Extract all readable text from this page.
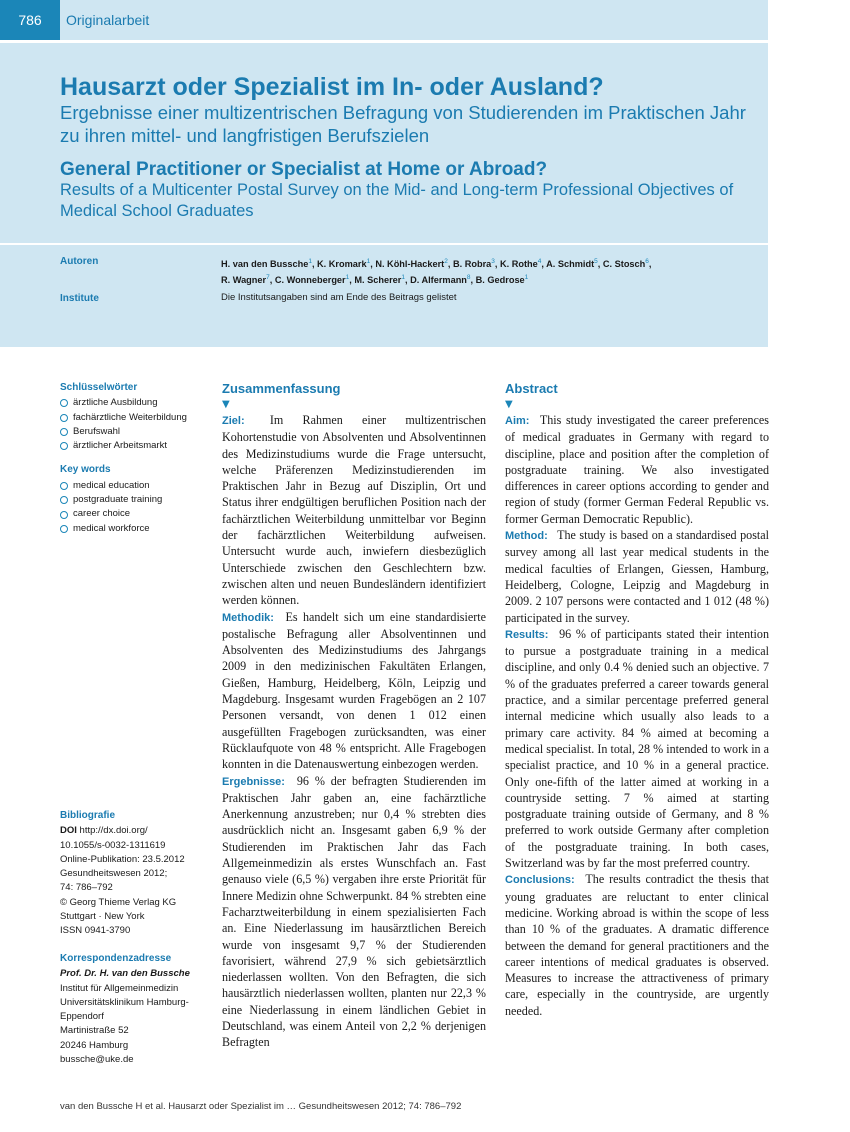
786	Originalarbeit
Hausarzt oder Spezialist im In- oder Ausland?
Ergebnisse einer multizentrischen Befragung von Studierenden im Praktischen Jahr zu ihren mittel- und langfristigen Berufszielen
General Practitioner or Specialist at Home or Abroad?
Results of a Multicenter Postal Survey on the Mid- and Long-term Professional Objectives of Medical School Graduates
Autoren	H. van den Bussche$^1$, K. Kromark$^1$, N. Köhl-Hackert$^2$, B. Robra$^3$, K. Rothe$^4$, A. Schmidt$^5$, C. Stosch$^6$,
R. Wagner$^7$, C. Wonneberger$^1$, M. Scherer$^1$, D. Alfermann$^8$, B. Gedrose$^1$
Institute	Die Institutsangaben sind am Ende des Beitrags gelistet
Schlüsselwörter
ärztliche Ausbildung
fachärztliche Weiterbildung
Berufswahl
ärztlicher Arbeitsmarkt
Key words
medical education
postgraduate training
career choice
medical workforce
Bibliografie
DOI http://dx.doi.org/
10.1055/s-0032-1311619
Online-Publikation: 23.5.2012
Gesundheitswesen 2012;
74: 786–792
© Georg Thieme Verlag KG
Stuttgart · New York
ISSN 0941-3790
Korrespondenzadresse
Prof. Dr. H. van den Bussche
Institut für Allgemeinmedizin
Universitätsklinikum Hamburg-
Eppendorf
Martinistraße 52
20246 Hamburg
bussche@uke.de
Zusammenfassung
▼

Ziel:  Im Rahmen einer multizentrischen Kohortenstudie von Absolventen und Absolventinnen des Medizinstudiums wurde die Frage untersucht, welche Präferenzen Medizinstudierenden im Praktischen Jahr in Bezug auf Disziplin, Ort und Status ihrer endgültigen beruflichen Position nach der fachärztlichen Weiterbildung unmittelbar vor Beginn der fachärztlichen Weiterbildung aufweisen. Untersucht wurde auch, inwiefern diesbezüglich Unterschiede zwischen den Geschlechtern bzw. zwischen alten und neuen Bundesländern identifiziert werden können.

Methodik:  Es handelt sich um eine standardisierte postalische Befragung aller Absolventinnen und Absolventen des Medizinstudiums des Jahrgangs 2009 in den medizinischen Fakultäten Erlangen, Gießen, Hamburg, Heidelberg, Köln, Leipzig und Magdeburg. Insgesamt wurden Fragebögen an 2 107 Personen versandt, von denen 1 012 einen ausgefüllten Fragebogen zurücksandten, was einer Rücklaufquote von 48 % entspricht. Alle Fragebogen konnten in die Datenauswertung einbezogen werden.

Ergebnisse:  96 % der befragten Studierenden im Praktischen Jahr gaben an, eine fachärztliche Anerkennung anzustreben; nur 0,4 % strebten dies ausdrücklich nicht an. Insgesamt gaben 6,9 % der Studierenden im Praktischen Jahr das Fach Allgemeinmedizin als erstes Wunschfach an. Fast genauso viele (6,5 %) vergaben ihre erste Priorität für Innere Medizin ohne Schwerpunkt. 84 % strebten eine Facharztweiterbildung in einem spezialisierten Fach an. Eine Niederlassung im hausärztlichen Bereich wurde von insgesamt 9,7 % der Studierenden favorisiert, während 27,9 % sich gebietsärztlich niederlassen wollten. Von den Befragten, die sich hausärztlich niederlassen wollten, planten nur 22,3 % eine Niederlassung in einem ländlichen Gebiet in Deutschland, was einem Anteil von 2,2 % derjenigen Befragten

Abstract
▼

Aim:  This study investigated the career preferences of medical graduates in Germany with regard to discipline, place and position after the completion of postgraduate training. We also investigated differences in career options according to gender and region of study (former German Federal Republic vs. former German Democratic Republic).

Method:  The study is based on a standardised postal survey among all last year medical students in the medical faculties of Erlangen, Giessen, Hamburg, Heidelberg, Cologne, Leipzig and Magdeburg in 2009. 2 107 persons were contacted and 1 012 (48 %) participated in the survey.

Results:  96 % of participants stated their intention to pursue a postgraduate training in a medical discipline, and only 0.4 % denied such an objective. 7 % of the graduates preferred a career towards general practice, and a similar percentage preferred general internal medicine which usually also leads to a primary care activity. 84 % aimed at becoming a medical specialist. In total, 28 % intended to work in a specialist practice, and 10 % in a general practice. Only one-fifth of the latter aimed at working in a countryside setting. 7 % aimed at starting postgraduate training outside of Germany, and 8 % preferred to work outside Germany after completion of the postgraduate training. In both cases, Switzerland was by far the most preferred country.

Conclusions:  The results contradict the thesis that young graduates are reluctant to enter clinical medicine. Working abroad is within the scope of less than 10 % of the graduates. A dramatic difference between the demand for general practitioners and the career intentions of medical graduates is observed. Measures to increase the attractiveness of primary care, especially in the countryside, are urgently needed.

van den Bussche H et al. Hausarzt oder Spezialist im … Gesundheitswesen 2012; 74: 786–792
